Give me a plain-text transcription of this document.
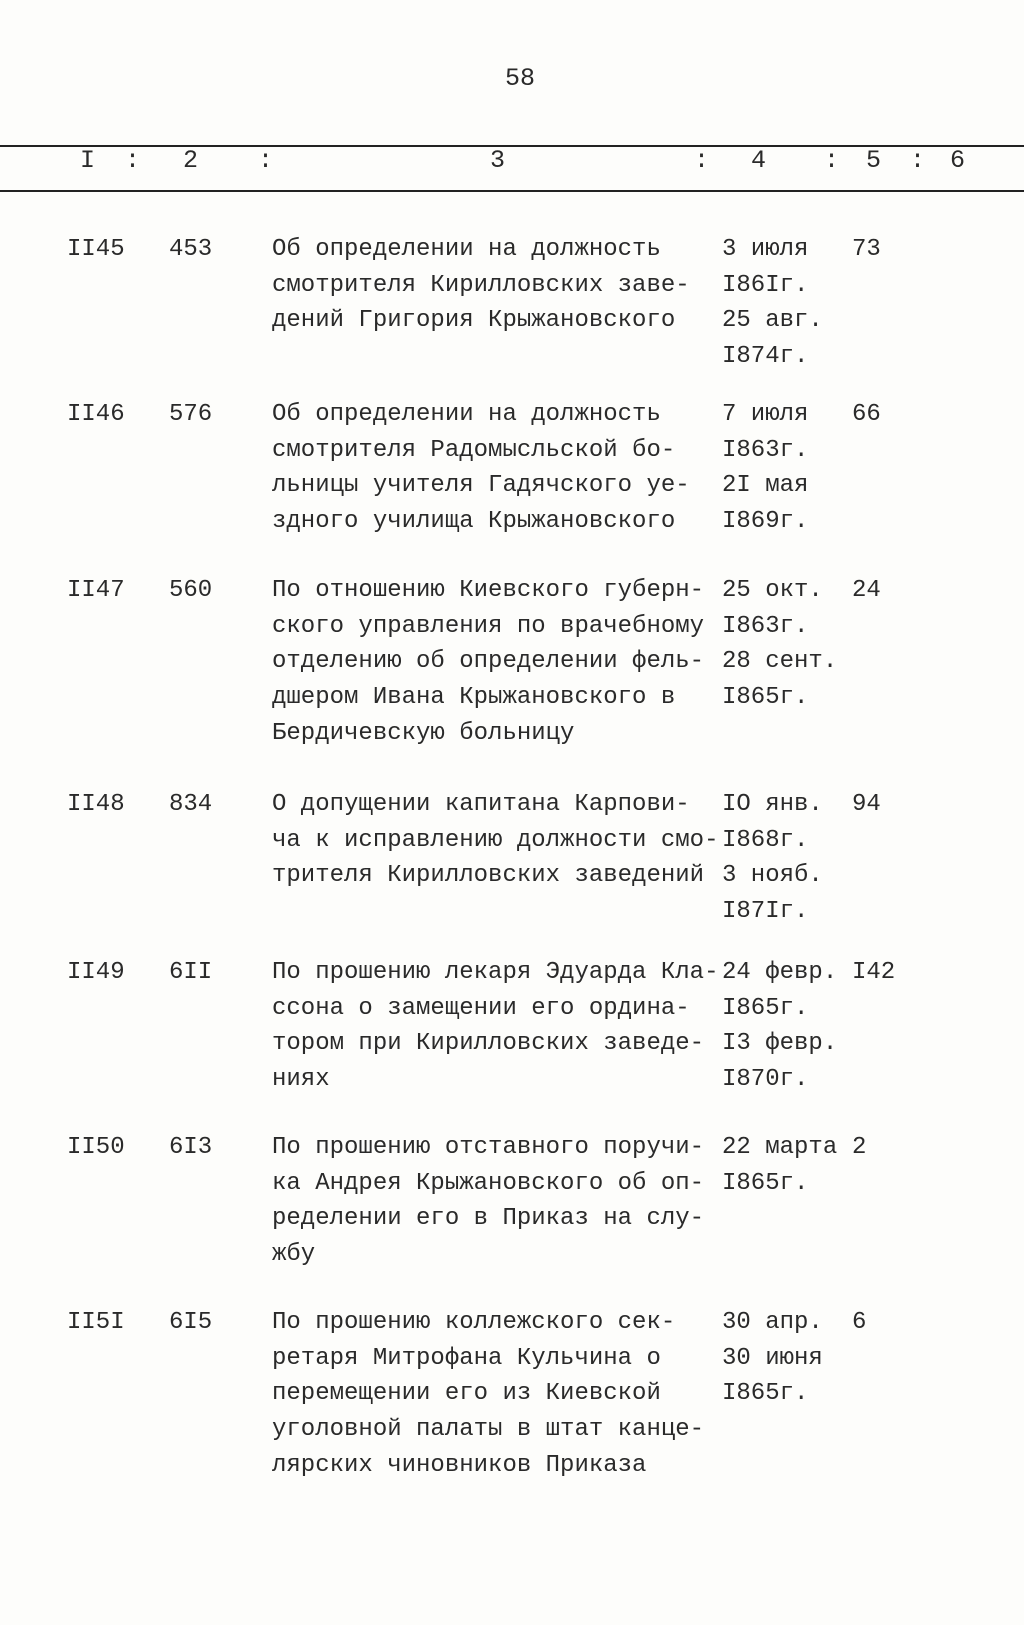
58
I : 2 :	3	: 4 : 5 : 6
II45 453 Об определении на должность
смотрителя Кирилловских заве-
дений Григория Крыжановского
3 июля
I86Iг.
25 авг.
I874г.
73
II46 576 Об определении на должность
смотрителя Радомысльской бо-
льницы учителя Гадячского уе-
здного училища Крыжановского
7 июля
I863г.
2I мая
I869г.
66
II47 560 По отношению Киевского губерн-
ского управления по врачебному
отделению об определении фель-
дшером Ивана Крыжановского в
Бердичевскую больницу
25 окт.
I863г.
28 сент.
I865г.
24
II48 834 О допущении капитана Карпови-
ча к исправлению должности смо-
трителя Кирилловских заведений
IO янв.
I868г.
3 нояб.
I87Iг.
94
II49 6II По прошению лекаря Эдуарда Кла-
ссона о замещении его ордина-
тором при Кирилловских заведе-
ниях
24 февр.
I865г.
I3 февр.
I870г.
I42
II50 6I3 По прошению отставного поручи-
ка Андрея Крыжановского об оп-
ределении его в Приказ на слу-
жбу
22 марта
I865г.
2
II5I 6I5 По прошению коллежского сек-
ретаря Митрофана Кульчина о
перемещении его из Киевской
уголовной палаты в штат канце-
лярских чиновников Приказа
30 апр.
30 июня
I865г.
6
